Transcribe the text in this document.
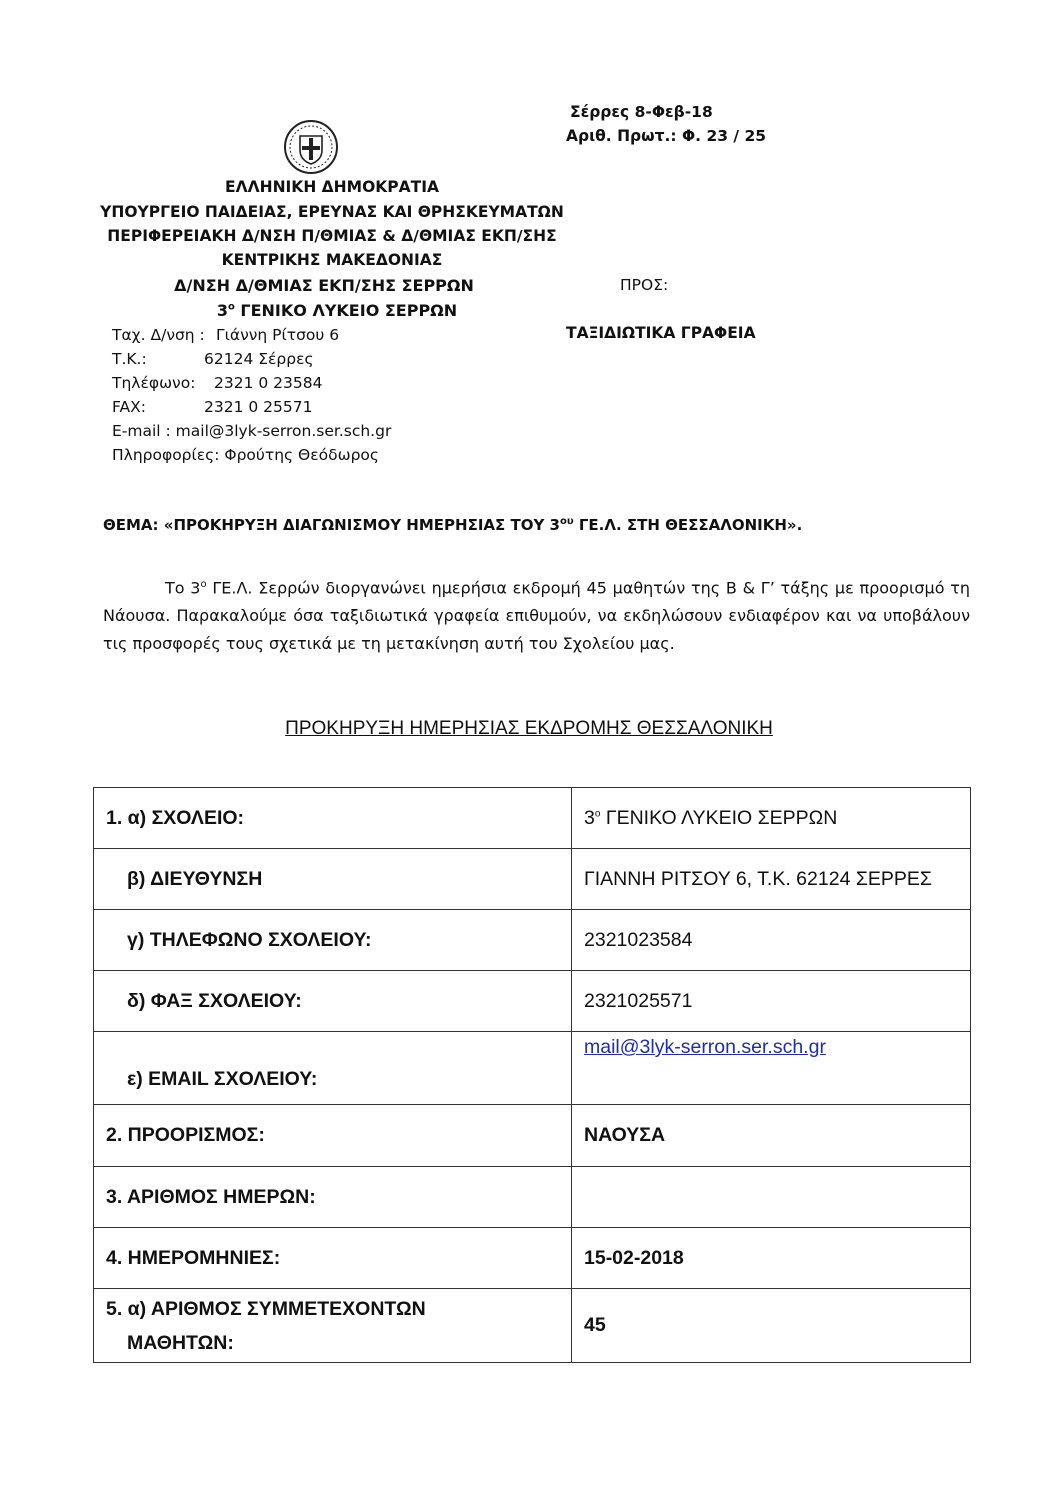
Σέρρες 8-Φεβ-18
Αριθ. Πρωτ.: Φ. 23 / 25
ΕΛΛΗΝΙΚΗ ΔΗΜΟΚΡΑΤΙΑ
ΥΠΟΥΡΓΕΙΟ ΠΑΙΔΕΙΑΣ, ΕΡΕΥΝΑΣ ΚΑΙ ΘΡΗΣΚΕΥΜΑΤΩΝ
ΠΕΡΙΦΕΡΕΙΑΚΗ Δ/ΝΣΗ Π/ΘΜΙΑΣ & Δ/ΘΜΙΑΣ ΕΚΠ/ΣΗΣ
ΚΕΝΤΡΙΚΗΣ ΜΑΚΕΔΟΝΙΑΣ
Δ/ΝΣΗ Δ/ΘΜΙΑΣ ΕΚΠ/ΣΗΣ ΣΕΡΡΩΝ
$3^o$ ΓΕΝΙΚΟ ΛΥΚΕΙΟ ΣΕΡΡΩΝ
ΠΡΟΣ:
ΤΑΞΙΔΙΩΤΙΚΑ ΓΡΑΦΕΙΑ
Ταχ. Δ/νση : Γιάννη Ρίτσου 6
Τ.Κ.:	62124 Σέρρες
Τηλέφωνο: 2321 0 23584
FAX:	2321 0 25571
E-mail : mail@3lyk-serron.ser.sch.gr
Πληροφορίες: Φρούτης Θεόδωρος
ΘΕΜΑ: «ΠΡΟΚΗΡΥΞΗ ΔΙΑΓΩΝΙΣΜΟΥ ΗΜΕΡΗΣΙΑΣ ΤΟΥ $3^{o\upsilon}$ ΓΕ.Λ. ΣΤΗ ΘΕΣΣΑΛΟΝΙΚΗ».
Το $3^o$ ΓΕ.Λ. Σερρών διοργανώνει ημερήσια εκδρομή 45 μαθητών της Β & Γ’ τάξης με προορισμό τη Νάουσα. Παρακαλούμε όσα ταξιδιωτικά γραφεία επιθυμούν, να εκδηλώσουν ενδιαφέρον και να υποβάλουν τις προσφορές τους σχετικά με τη μετακίνηση αυτή του Σχολείου μας.
ΠΡΟΚΗΡΥΞΗ ΗΜΕΡΗΣΙΑΣ ΕΚΔΡΟΜΗΣ ΘΕΣΣΑΛΟΝΙΚΗ
1. α) ΣΧΟΛΕΙΟ:	$3^o$ ΓΕΝΙΚΟ ΛΥΚΕΙΟ ΣΕΡΡΩΝ
β) ΔΙΕΥΘΥΝΣΗ	ΓΙΑΝΝΗ ΡΙΤΣΟΥ 6, Τ.Κ. 62124 ΣΕΡΡΕΣ
γ) ΤΗΛΕΦΩΝΟ ΣΧΟΛΕΙΟΥ:	2321023584
δ) ΦΑΞ ΣΧΟΛΕΙΟΥ:	2321025571
ε) EMAIL ΣΧΟΛΕΙΟΥ:	mail@3lyk-serron.ser.sch.gr
2. ΠΡΟΟΡΙΣΜΟΣ:	ΝΑΟΥΣΑ
3. ΑΡΙΘΜΟΣ ΗΜΕΡΩΝ:	
4. ΗΜΕΡΟΜΗΝΙΕΣ:	15-02-2018

5. α) ΑΡΙΘΜΟΣ ΣΥΜΜΕΤΕΧΟΝΤΩΝ
ΜΑΘΗΤΩΝ:	45
